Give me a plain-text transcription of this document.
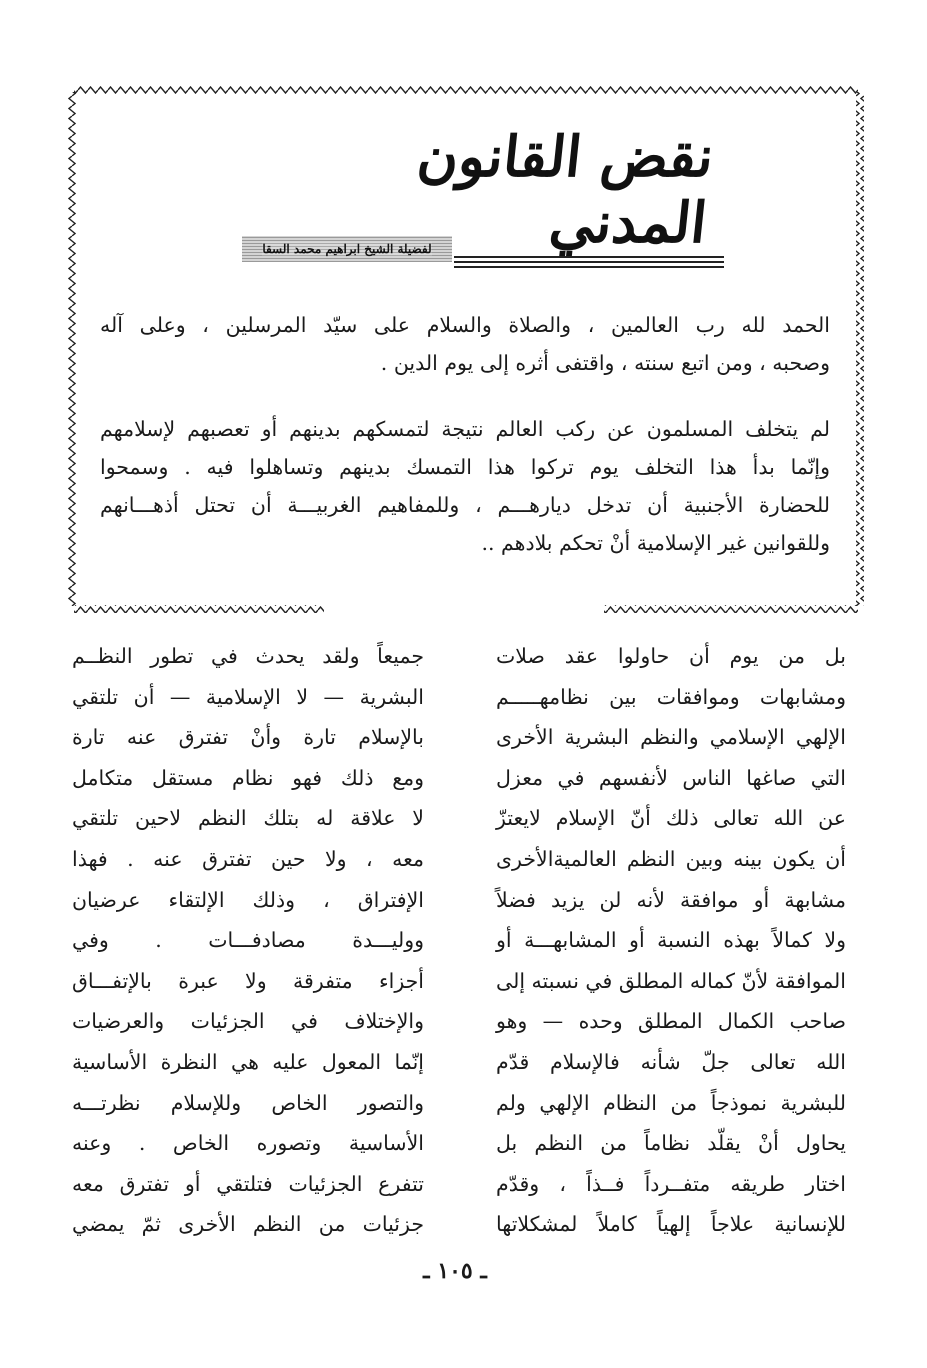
نقض القانون المدني
لفضيلة الشيخ ابراهيم محمد السقا
الحمد لله رب العالمين ، والصلاة والسلام على سيّد المرسلين ، وعلى آله
وصحبه ، ومن اتبع سنته ، واقتفى أثره إلى يوم الدين .
لم يتخلف المسلمون عن ركب العالم نتيجة لتمسكهم بدينهم أو تعصبهم لإسلامهم
وإنّما بدأ هذا التخلف يوم تركوا هذا التمسك بدينهم وتساهلوا فيه . وسمحوا
للحضارة الأجنبية أن تدخل ديارهـــم ، وللمفاهيم الغربيـــة أن تحتل أذهـــانهم
وللقوانين غير الإسلامية أنْ تحكم بلادهم ..
بل من يوم أن حاولوا عقد صلات
ومشابهات وموافقات بين نظامهـــــم
الإلهي الإسلامي والنظم البشرية الأخرى
التي صاغها الناس لأنفسهم في معزل
عن الله تعالى ذلك أنّ الإسلام لايعتزّ
أن يكون بينه وبين النظم العالميةالأخرى
مشابهة أو موافقة لأنه لن يزيد فضلاً
ولا كمالاً بهذه النسبة أو المشابهـــة أو
الموافقة لأنّ كماله المطلق في نسبته إلى
صاحب الكمال المطلق وحده — وهو
الله تعالى جلّ شأنه فالإسلام قدّم
للبشرية نموذجاً من النظام الإلهي ولم
يحاول أنْ يقلّد نظاماً من النظم بل
اختار طريقه متفــرداً فــذاً ، وقدّم
للإنسانية علاجاً إلهياً كاملاً لمشكلاتها
جميعاً ولقد يحدث في تطور النظــم
البشرية — لا الإسلامية — أن تلتقي
بالإسلام تارة وأنْ تفترق عنه تارة
ومع ذلك فهو نظام مستقل متكامل
لا علاقة له بتلك النظم لاحين تلتقي
معه ، ولا حين تفترق عنه . فهذا
الإفتراق ، وذلك الإلتقاء عرضيان
ووليـــدة مصادفـــات . وفي
أجزاء متفرقة ولا عبرة بالإتفـــاق
والإختلاف في الجزئيات والعرضيات
إنّما المعول عليه هي النظرة الأساسية
والتصور الخاص وللإسلام نظرتـــه
الأساسية وتصوره الخاص . وعنه
تتفرع الجزئيات فتلتقي أو تفترق معه
جزئيات من النظم الأخرى ثمّ يمضي
ـ ١٠٥ ـ
